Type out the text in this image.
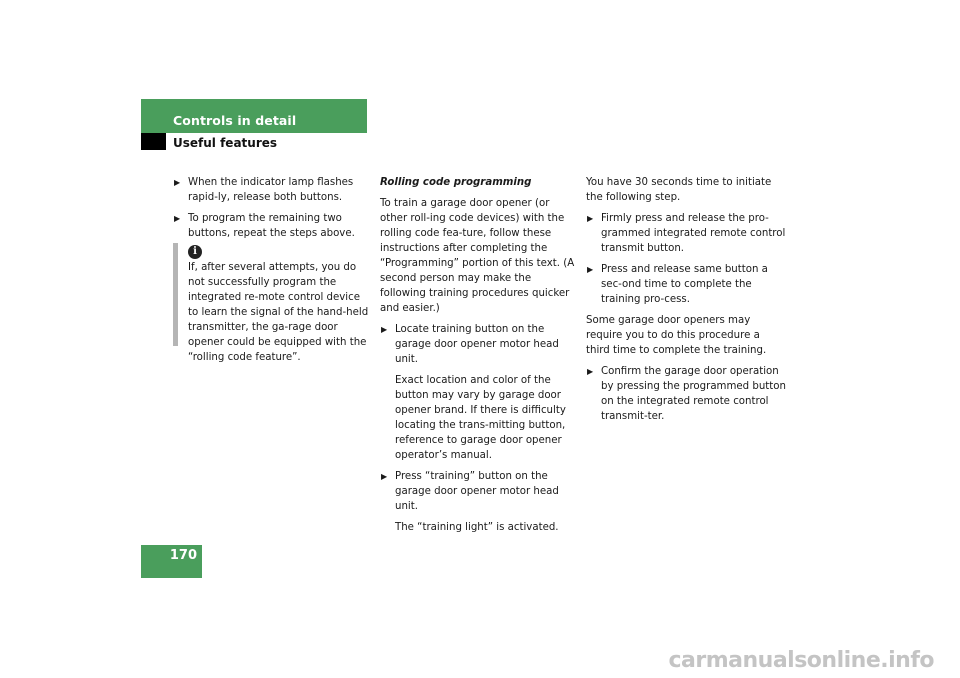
Controls in detail
Useful features
▶ When the indicator lamp flashes rapid-ly, release both buttons.
▶ To program the remaining two buttons, repeat the steps above.
i
If, after several attempts, you do not successfully program the integrated re-mote control device to learn the signal of the hand-held transmitter, the ga-rage door opener could be equipped with the “rolling code feature”.

Rolling code programming

To train a garage door opener (or other roll-ing code devices) with the rolling code fea-ture, follow these instructions after completing the “Programming” portion of this text. (A second person may make the following training procedures quicker and easier.)

▶ Locate training button on the garage door opener motor head unit.

Exact location and color of the button may vary by garage door opener brand. If there is difficulty locating the trans-mitting button, reference to garage door opener operator’s manual.

▶ Press “training” button on the garage door opener motor head unit.

The “training light” is activated.

You have 30 seconds time to initiate the following step.

▶ Firmly press and release the pro-grammed integrated remote control transmit button.
▶ Press and release same button a sec-ond time to complete the training pro-cess.

Some garage door openers may require you to do this procedure a third time to complete the training.

▶ Confirm the garage door operation by pressing the programmed button on the integrated remote control transmit-ter.
170
carmanualsonline.info
